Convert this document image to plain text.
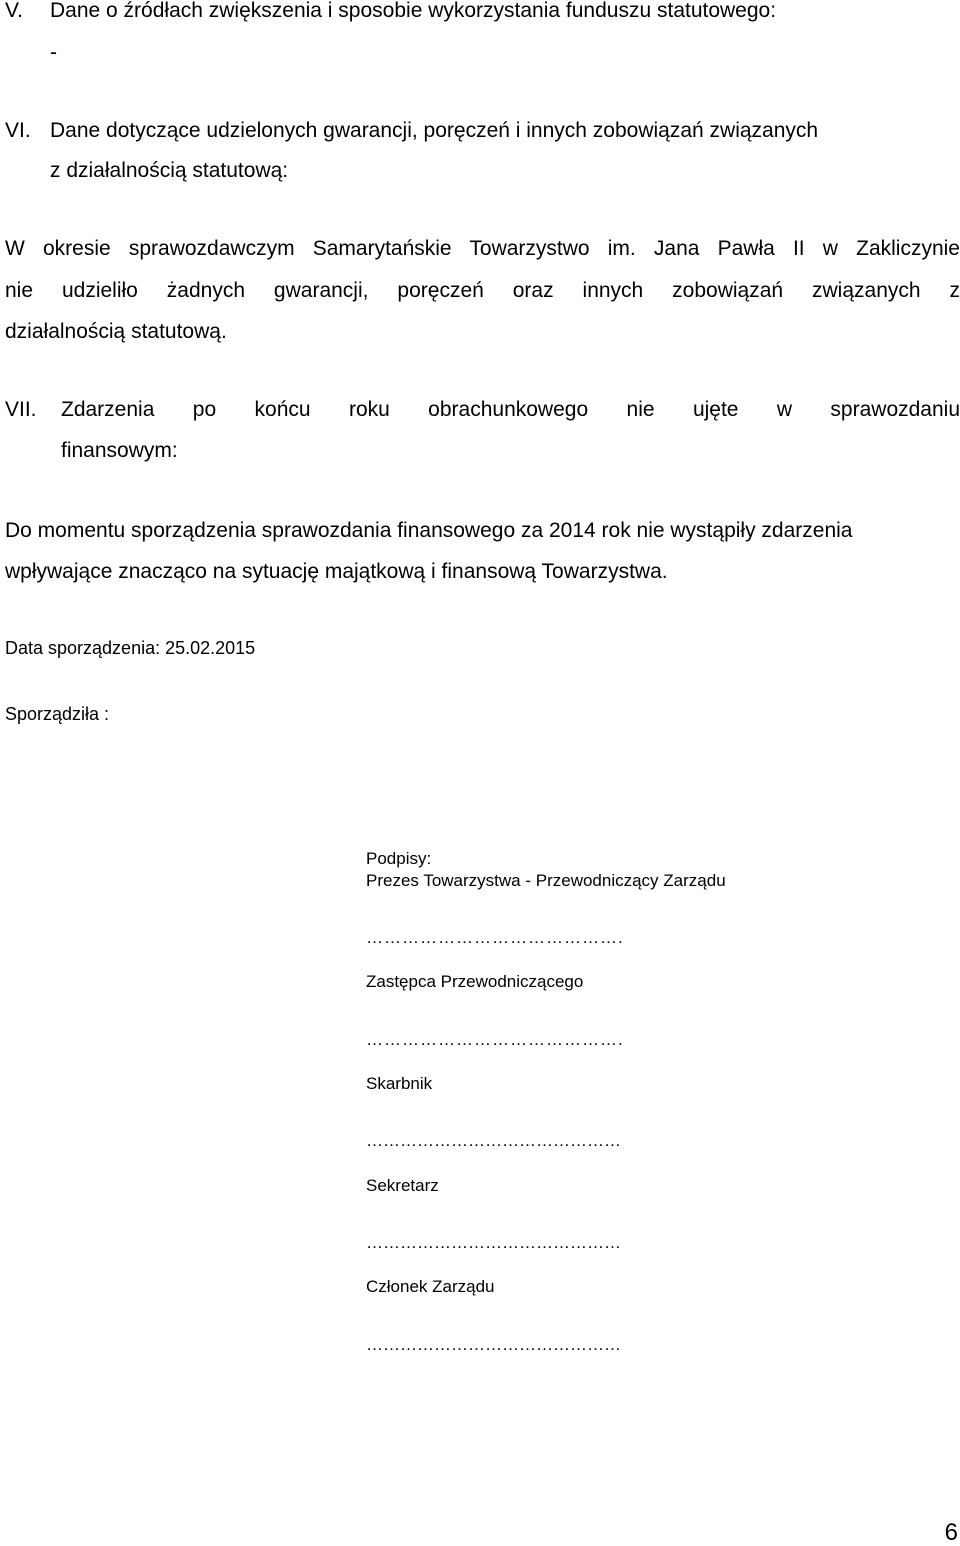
V. Dane o źródłach zwiększenia i sposobie wykorzystania funduszu statutowego:
-
VI. Dane dotyczące udzielonych gwarancji, poręczeń i innych zobowiązań związanych
z działalnością statutową:
W okresie sprawozdawczym Samarytańskie Towarzystwo im. Jana Pawła II w Zakliczynie
nie udzieliło żadnych gwarancji, poręczeń oraz innych zobowiązań związanych z
działalnością statutową.
VII. Zdarzenia po końcu roku obrachunkowego nie ujęte w sprawozdaniu
finansowym:
Do momentu sporządzenia sprawozdania finansowego za 2014 rok nie wystąpiły zdarzenia
wpływające znacząco na sytuację majątkową i finansową Towarzystwa.
Data sporządzenia: 25.02.2015
Sporządziła :
Podpisy:
Prezes Towarzystwa - Przewodniczący Zarządu
…………………………………….
Zastępca Przewodniczącego
…………………………………….
Skarbnik
………………………………………
Sekretarz
………………………………………
Członek Zarządu
………………………………………
6
